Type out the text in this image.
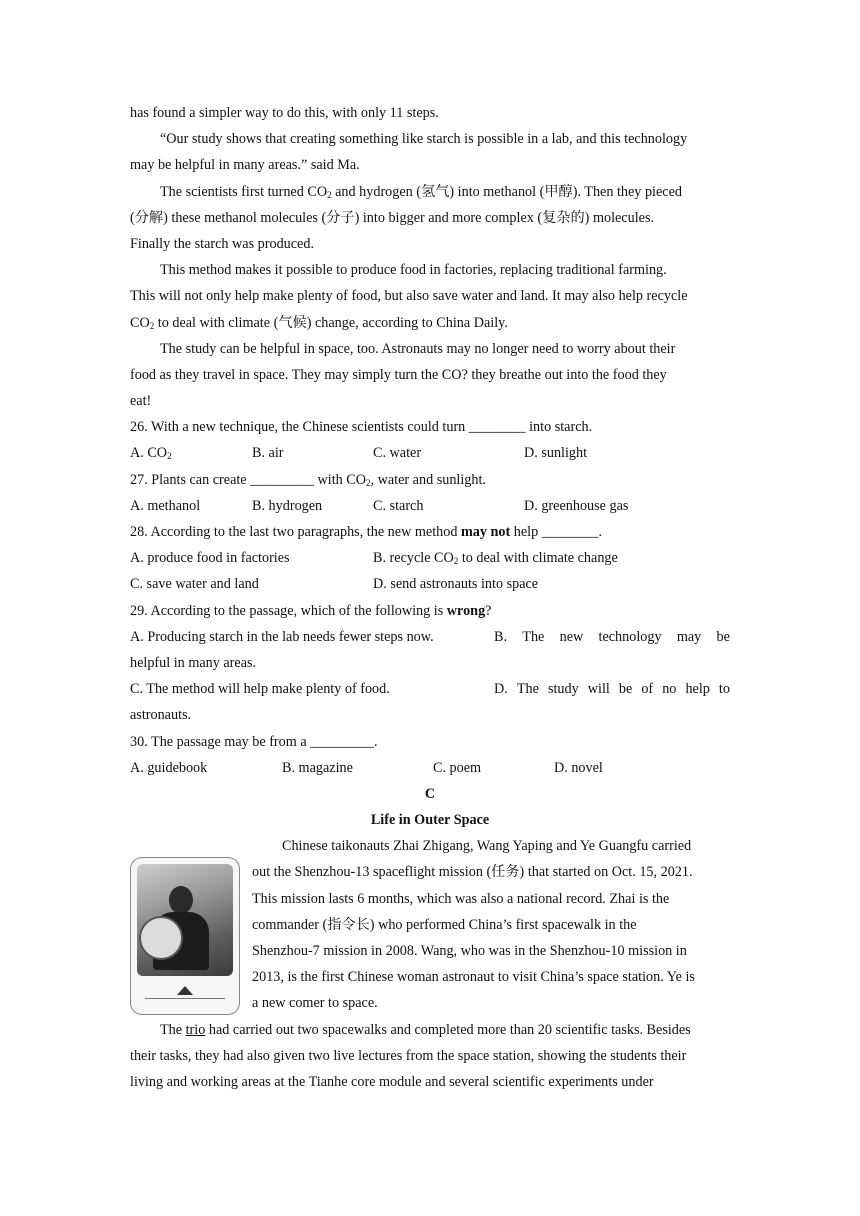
has found a simpler way to do this, with only 11 steps.
“Our study shows that creating something like starch is possible in a lab, and this technology
may be helpful in many areas.” said Ma.
The scientists first turned $CO_2$ and hydrogen (氢气) into methanol (甲醇). Then they pieced
(分解) these methanol molecules (分子) into bigger and more complex (复杂的) molecules.
Finally the starch was produced.
This method makes it possible to produce food in factories, replacing traditional farming.
This will not only help make plenty of food, but also save water and land. It may also help recycle
$CO_2$ to deal with climate (气候) change, according to China Daily.
The study can be helpful in space, too. Astronauts may no longer need to worry about their
food as they travel in space. They may simply turn the CO? they breathe out into the food they
eat!
26. With a new technique, the Chinese scientists could turn ________ into starch.
A. $CO_2$	B. air	C. water	D. sunlight
27. Plants can create _________ with $CO_2$, water and sunlight.
A. methanol	B. hydrogen	C. starch	D. greenhouse gas
28. According to the last two paragraphs, the new method may not help ________.
A. produce food in factories	B. recycle $CO_2$ to deal with climate change
C. save water and land	D. send astronauts into space
29. According to the passage, which of the following is wrong?
A. Producing starch in the lab needs fewer steps now.	B. The new technology may be
helpful in many areas.
C. The method will help make plenty of food.	D. The study will be of no help to
astronauts.
30. The passage may be from a _________.
A. guidebook	B. magazine	C. poem	D. novel
C
Life in Outer Space
Chinese taikonauts Zhai Zhigang, Wang Yaping and Ye Guangfu carried
out the Shenzhou-13 spaceflight mission (任务) that started on Oct. 15, 2021.
This mission lasts 6 months, which was also a national record. Zhai is the
commander (指令长) who performed China’s first spacewalk in the
Shenzhou-7 mission in 2008. Wang, who was in the Shenzhou-10 mission in
2013, is the first Chinese woman astronaut to visit China’s space station. Ye is
a new comer to space.
The trio had carried out two spacewalks and completed more than 20 scientific tasks. Besides
their tasks, they had also given two live lectures from the space station, showing the students their
living and working areas at the Tianhe core module and several scientific experiments under
